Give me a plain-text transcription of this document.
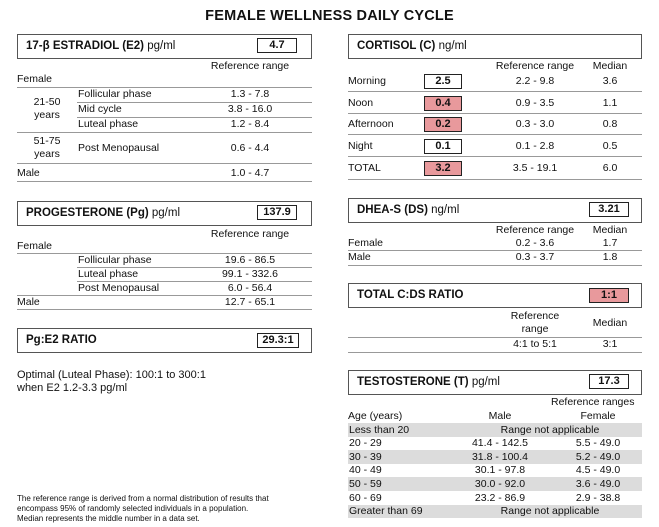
FEMALE WELLNESS DAILY CYCLE
17-β ESTRADIOL (E2) pg/ml	4.7
Reference range
Female
21-50
years
Follicular phase	1.3 - 7.8
Mid cycle	3.8 - 16.0
Luteal phase	1.2 - 8.4
51-75
years	Post Menopausal	0.6 - 4.4
Male	1.0 - 4.7
PROGESTERONE (Pg) pg/ml	137.9
Reference range
Female
Follicular phase	19.6 - 86.5
Luteal phase	99.1 - 332.6
Post Menopausal	6.0 - 56.4
Male	12.7 - 65.1
Pg:E2 RATIO	29.3:1
Optimal (Luteal Phase): 100:1 to 300:1
when E2 1.2-3.3 pg/ml
The reference range is derived from a normal distribution of results that
encompass 95% of randomly selected individuals in a population.
Median represents the middle number in a data set.
CORTISOL (C) ng/ml
Reference range	Median
Morning	2.5	2.2 - 9.8	3.6
Noon	0.4	0.9 - 3.5	1.1
Afternoon	0.2	0.3 - 3.0	0.8
Night	0.1	0.1 - 2.8	0.5
TOTAL	3.2	3.5 - 19.1	6.0
DHEA-S (DS) ng/ml	3.21
Reference range	Median
Female	0.2 - 3.6	1.7
Male	0.3 - 3.7	1.8
TOTAL C:DS RATIO	1:1
Reference
range	Median
4:1 to 5:1	3:1
TESTOSTERONE (T) pg/ml	17.3
Reference ranges
Age (years)	Male	Female
Less than 20	Range not applicable
20 - 29	41.4 - 142.5	5.5 - 49.0
30 - 39	31.8 - 100.4	5.2 - 49.0
40 - 49	30.1 - 97.8	4.5 - 49.0
50 - 59	30.0 - 92.0	3.6 - 49.0
60 - 69	23.2 - 86.9	2.9 - 38.8
Greater than 69	Range not applicable
